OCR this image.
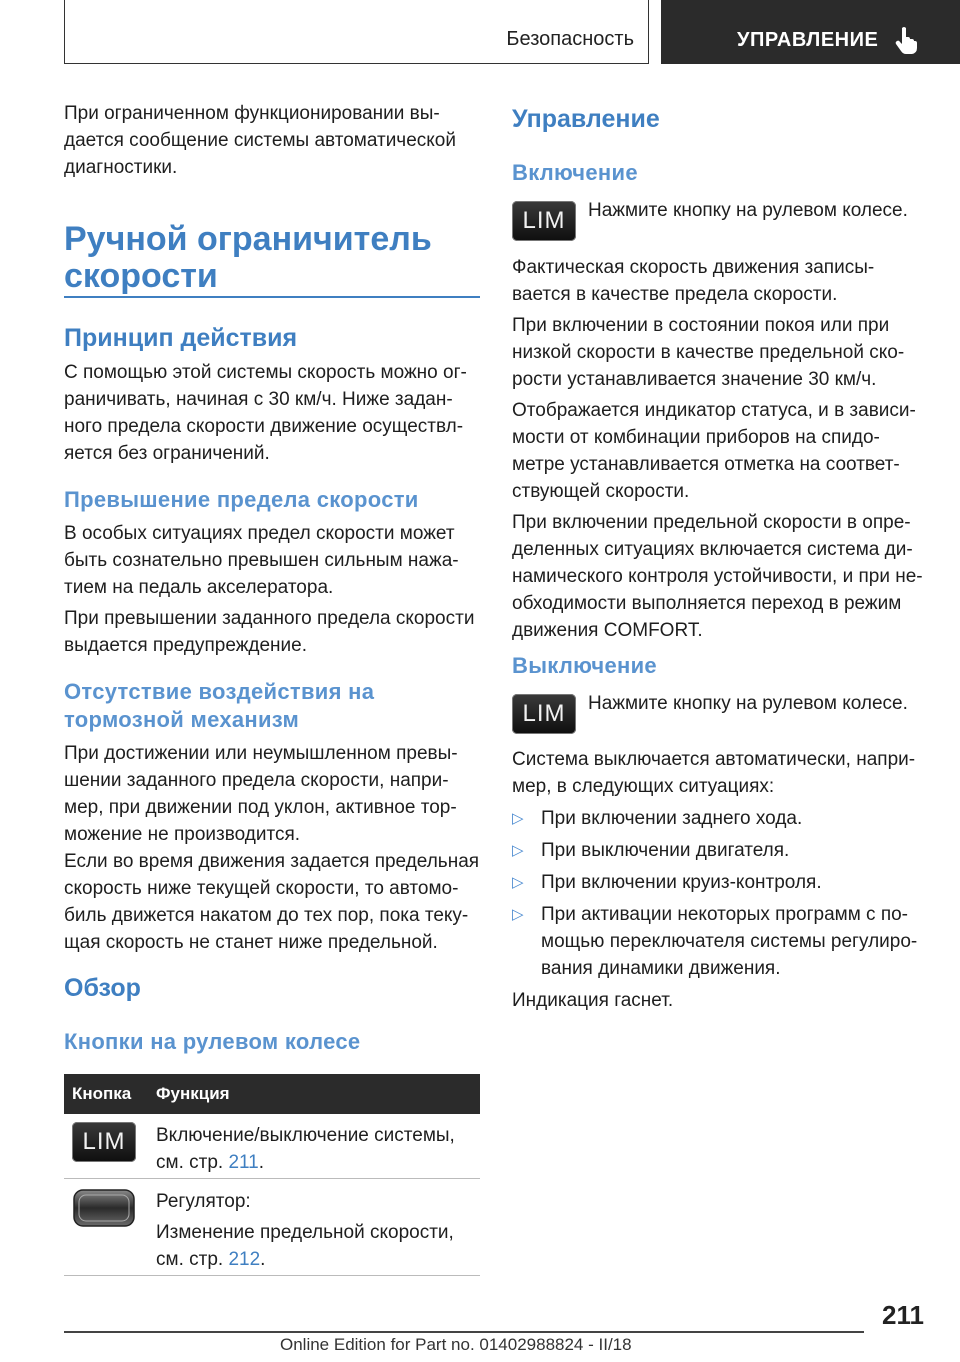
Безопасность	УПРАВЛЕНИЕ

При ограниченном функционировании вы-

дается сообщение системы автоматической

диагностики.

Ручной ограничитель
скорости
Принцип действия

С помощью этой системы скорость можно ог-

раничивать, начиная с 30 км/ч. Ниже задан-

ного предела скорости движение осуществл-

яется без ограничений.

Превышение предела скорости

В особых ситуациях предел скорости может

быть сознательно превышен сильным нажа-

тием на педаль акселератора.

При превышении заданного предела скорости

выдается предупреждение.

Отсутствие воздействия на
тормозной механизм

При достижении или неумышленном превы-

шении заданного предела скорости, напри-

мер, при движении под уклон, активное тор-

можение не производится.

Если во время движения задается предельная

скорость ниже текущей скорости, то автомо-

биль движется накатом до тех пор, пока теку-

щая скорость не станет ниже предельной.

Обзор
Кнопки на рулевом колесе
Кнопка Функция
LIM	Включение/выключение системы,

см. стр. 211.

Регулятор:

Изменение предельной скорости,

см. стр. 212.

Управление
Включение
LIM	Нажмите кнопку на рулевом колесе.

Фактическая скорость движения записы-

вается в качестве предела скорости.

При включении в состоянии покоя или при

низкой скорости в качестве предельной ско-

рости устанавливается значение 30 км/ч.

Отображается индикатор статуса, и в зависи-

мости от комбинации приборов на спидо-

метре устанавливается отметка на соответ-

ствующей скорости.

При включении предельной скорости в опре-

деленных ситуациях включается система ди-

намического контроля устойчивости, и при не-

обходимости выполняется переход в режим

движения COMFORT.

Выключение
LIM	Нажмите кнопку на рулевом колесе.

Система выключается автоматически, напри-

мер, в следующих ситуациях:

▷ При включении заднего хода.

▷ При выключении двигателя.

▷ При включении круиз-контроля.

▷ При активации некоторых программ с по-

мощью переключателя системы регулиро-

вания динамики движения.

Индикация гаснет.

211
Online Edition for Part no. 01402988824 - II/18
